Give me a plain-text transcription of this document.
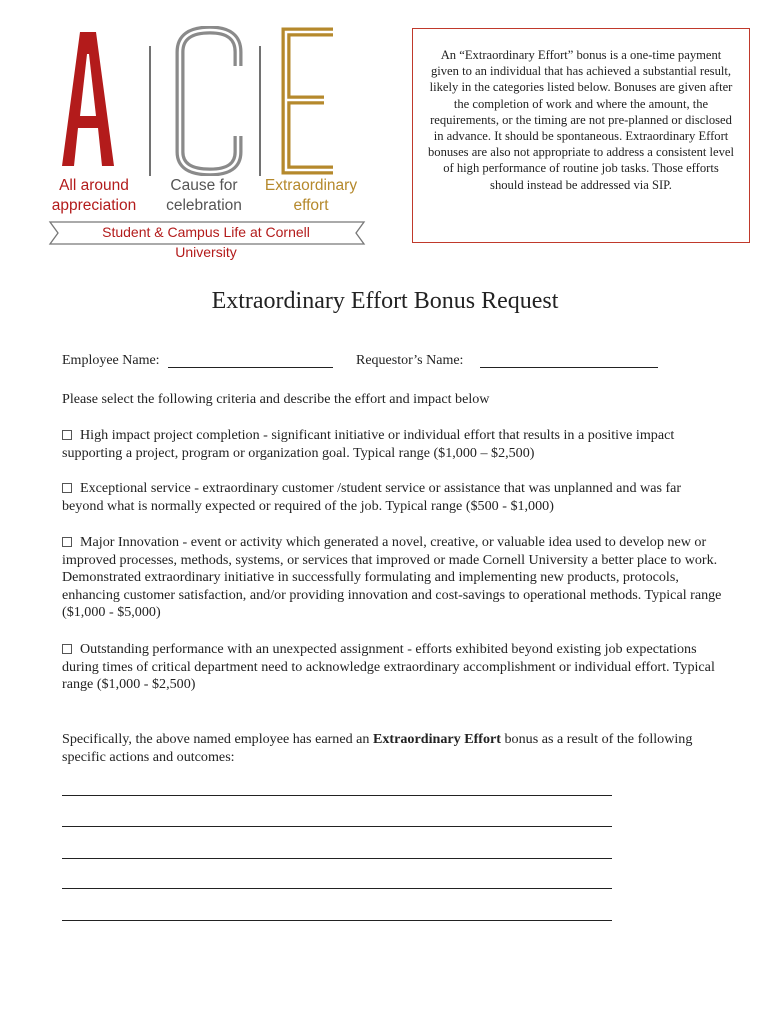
All around
appreciation
Cause for
celebration
Extraordinary
effort
Student & Campus Life at Cornell University
An “Extraordinary Effort” bonus is a one-time payment given to an individual that has achieved a substantial result, likely in the categories listed below. Bonuses are given after the completion of work and where the amount, the requirements, or the timing are not pre-planned or disclosed in advance. It should be spontaneous. Extraordinary Effort bonuses are also not appropriate to address a consistent level of high performance of routine job tasks. Those efforts should instead be addressed via SIP.
Extraordinary Effort Bonus Request
Employee Name:	Requestor’s Name:
Please select the following criteria and describe the effort and impact below
High impact project completion - significant initiative or individual effort that results in a positive impact supporting a project, program or organization goal. Typical range ($1,000 – $2,500)
Exceptional service - extraordinary customer /student service or assistance that was unplanned and was far beyond what is normally expected or required of the job. Typical range ($500 - $1,000)
Major Innovation - event or activity which generated a novel, creative, or valuable idea used to develop new or improved processes, methods, systems, or services that improved or made Cornell University a better place to work. Demonstrated extraordinary initiative in successfully formulating and implementing new products, protocols, enhancing customer satisfaction, and/or providing innovation and cost-savings to operational methods. Typical range ($1,000 - $5,000)
Outstanding performance with an unexpected assignment - efforts exhibited beyond existing job expectations during times of critical department need to acknowledge extraordinary accomplishment or individual effort. Typical range ($1,000 - $2,500)
Specifically, the above named employee has earned an Extraordinary Effort bonus as a result of the following specific actions and outcomes:
